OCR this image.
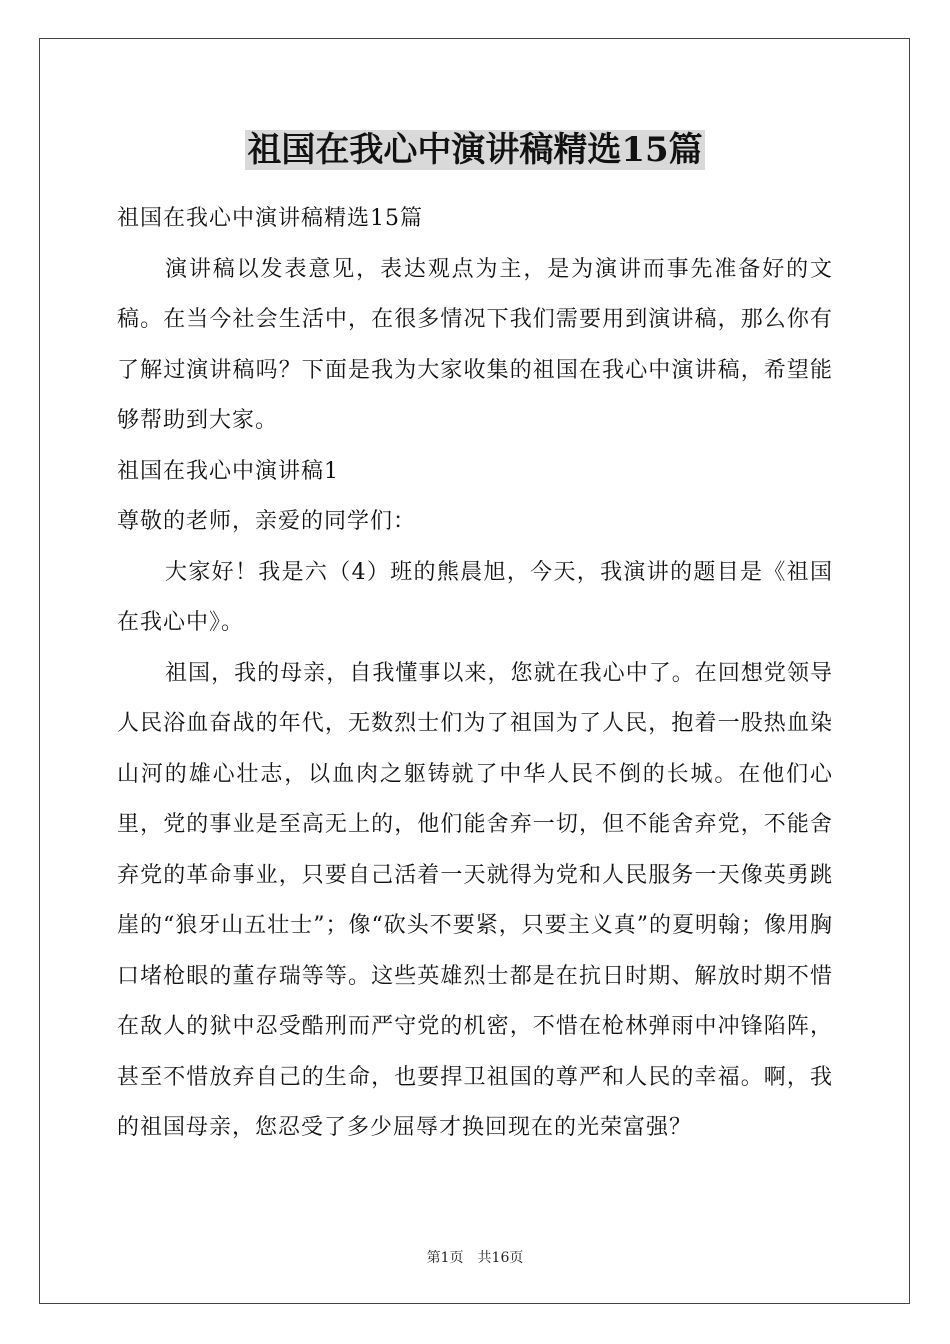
祖国在我心中演讲稿精选15篇

祖国在我心中演讲稿精选15篇

演讲稿以发表意见，表达观点为主，是为演讲而事先准备好的文稿。在当今社会生活中，在很多情况下我们需要用到演讲稿，那么你有了解过演讲稿吗？下面是我为大家收集的祖国在我心中演讲稿，希望能够帮助到大家。

祖国在我心中演讲稿1

尊敬的老师，亲爱的同学们：

大家好！我是六（4）班的熊晨旭，今天，我演讲的题目是《祖国在我心中》。

祖国，我的母亲，自我懂事以来，您就在我心中了。在回想党领导人民浴血奋战的年代，无数烈士们为了祖国为了人民，抱着一股热血染山河的雄心壮志，以血肉之躯铸就了中华人民不倒的长城。在他们心里，党的事业是至高无上的，他们能舍弃一切，但不能舍弃党，不能舍弃党的革命事业，只要自己活着一天就得为党和人民服务一天像英勇跳崖的“狼牙山五壮士”；像“砍头不要紧，只要主义真”的夏明翰；像用胸口堵枪眼的董存瑞等等。这些英雄烈士都是在抗日时期、解放时期不惜在敌人的狱中忍受酷刑而严守党的机密，不惜在枪林弹雨中冲锋陷阵，甚至不惜放弃自己的生命，也要捍卫祖国的尊严和人民的幸福。啊，我的祖国母亲，您忍受了多少屈辱才换回现在的光荣富强？

第1页　共16页
